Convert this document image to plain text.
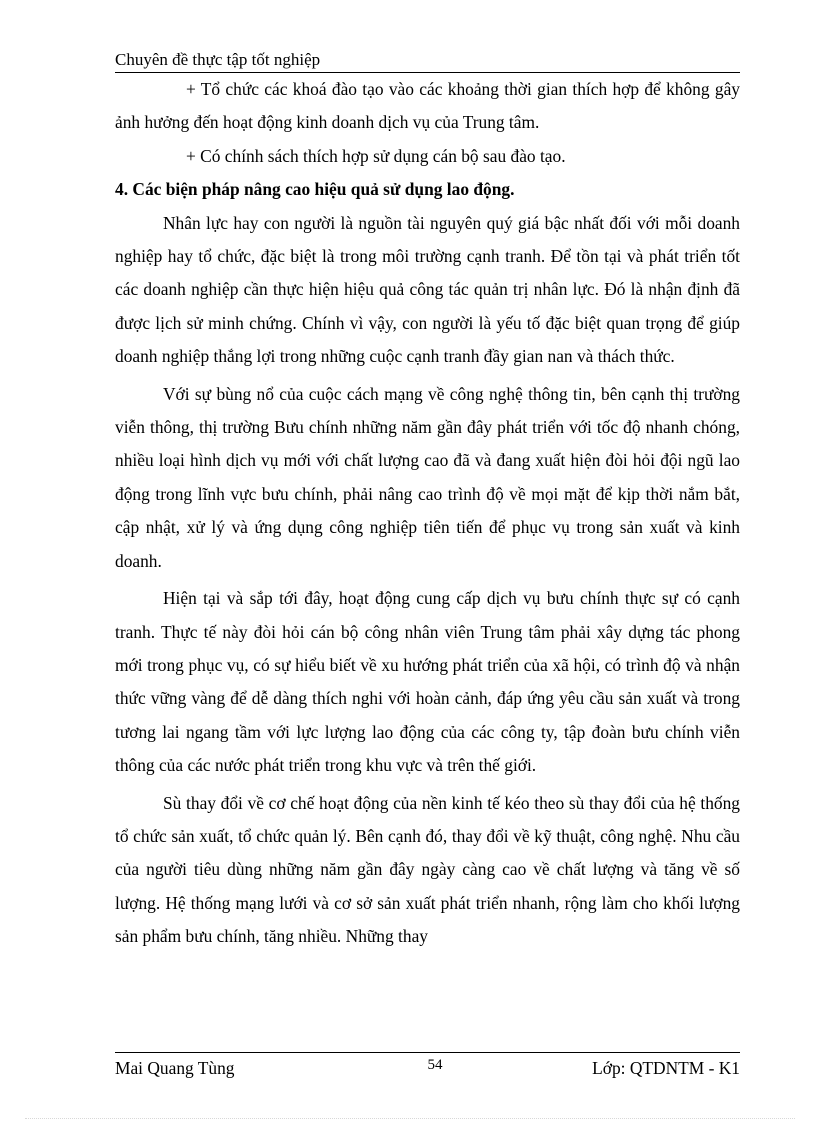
Chuyên đề thực tập tốt nghiệp

+ Tổ chức các khoá đào tạo vào các khoảng thời gian thích hợp để không gây ảnh hưởng đến hoạt động kinh doanh dịch vụ của Trung tâm.

+ Có chính sách thích hợp sử dụng cán bộ sau đào tạo.

4. Các biện pháp nâng cao hiệu quả sử dụng lao động.

Nhân lực hay con người là nguồn tài nguyên quý giá bậc nhất đối với mỗi doanh nghiệp hay tổ chức, đặc biệt là trong môi trường cạnh tranh. Để tồn tại và phát triển tốt các doanh nghiệp cần thực hiện hiệu quả công tác quản trị nhân lực. Đó là nhận định đã được lịch sử minh chứng. Chính vì vậy, con người là yếu tố đặc biệt quan trọng để giúp doanh nghiệp thắng lợi trong những cuộc cạnh tranh đầy gian nan và thách thức.

Với sự bùng nổ của cuộc cách mạng về công nghệ thông tin, bên cạnh thị trường viễn thông, thị trường Bưu chính những năm gần đây phát triển với tốc độ nhanh chóng, nhiều loại hình dịch vụ mới với chất lượng cao đã và đang xuất hiện đòi hỏi đội ngũ lao động trong lĩnh vực bưu chính, phải nâng cao trình độ về mọi mặt để kịp thời nắm bắt, cập nhật, xử lý và ứng dụng công nghiệp tiên tiến để phục vụ trong sản xuất và kinh doanh.

Hiện tại và sắp tới đây, hoạt động cung cấp dịch vụ bưu chính thực sự có cạnh tranh. Thực tế này đòi hỏi cán bộ công nhân viên Trung tâm phải xây dựng tác phong mới trong phục vụ, có sự hiểu biết về xu hướng phát triển của xã hội, có trình độ và nhận thức vững vàng để dễ dàng thích nghi với hoàn cảnh, đáp ứng yêu cầu sản xuất và trong tương lai ngang tầm với lực lượng lao động của các công ty, tập đoàn bưu chính viễn thông của các nước phát triển trong khu vực và trên thế giới.

Sù thay đổi về cơ chế hoạt động của nền kinh tế kéo theo sù thay đổi của hệ thống tổ chức sản xuất, tổ chức quản lý. Bên cạnh đó, thay đổi về kỹ thuật, công nghệ. Nhu cầu của người tiêu dùng những năm gần đây ngày càng cao về chất lượng và tăng về số lượng. Hệ thống mạng lưới và cơ sở sản xuất phát triển nhanh, rộng làm cho khối lượng sản phẩm bưu chính, tăng nhiều. Những thay

Mai Quang Tùng	54	Lớp: QTDNTM - K1
